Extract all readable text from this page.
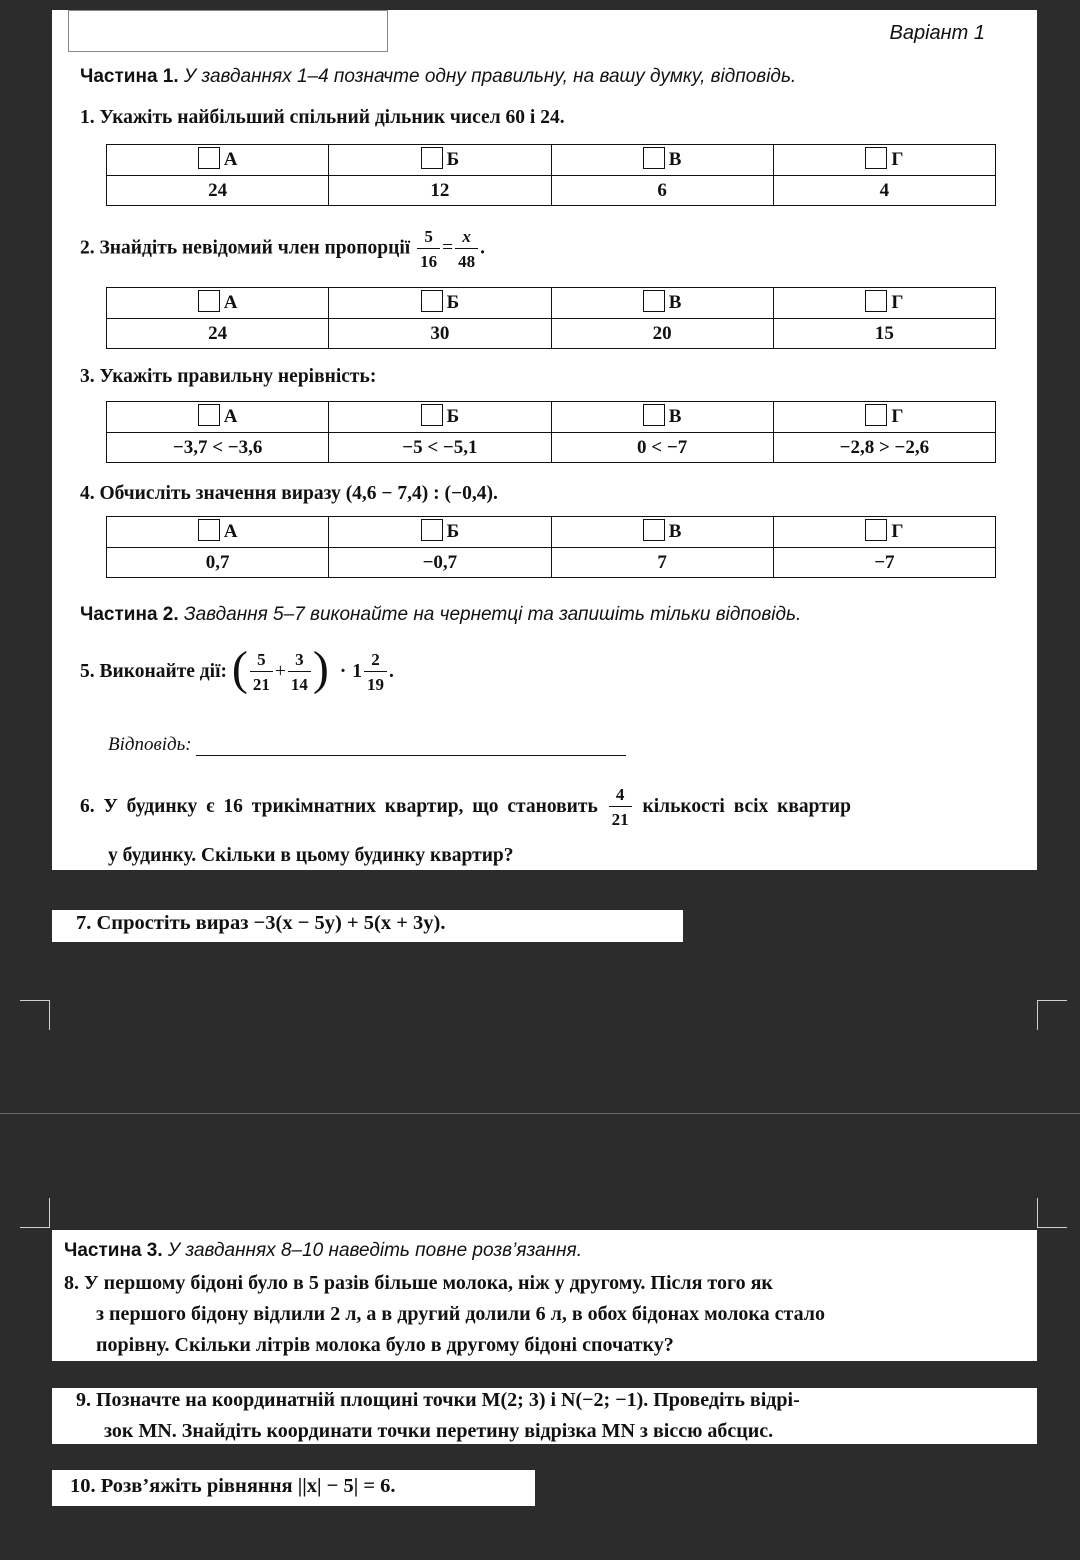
Варіант 1
Частина 1. У завданнях 1–4 позначте одну правильну, на вашу думку, відповідь.
1. Укажіть найбільший спільний дільник чисел 60 і 24.
А	Б	В	Г
24	12	6	4
2. Знайдіть невідомий член пропорції $\frac{5}{16} = \frac{x}{48}$ .
А	Б	В	Г
24	30	20	15
3. Укажіть правильну нерівність:
А	Б	В	Г
−3,7 < −3,6	−5 < −5,1	0 < −7	−2,8 > −2,6
4. Обчисліть значення виразу (4,6 − 7,4) : (−0,4).
А	Б	В	Г
0,7	−0,7	7	−7
Частина 2. Завдання 5–7 виконайте на чернетці та запишіть тільки відповідь.
5. Виконайте дії: ( $\frac{5}{21} + \frac{3}{14}$ ) · $1 \frac{2}{19}$ .
Відповідь:
6. У будинку є 16 трикімнатних квартир, що становить $\frac{4}{21}$ кількості всіх квартир
у будинку. Скільки в цьому будинку квартир?
7. Спростіть вираз −3(x − 5y) + 5(x + 3y).
Частина 3. У завданнях 8–10 наведіть повне розв’язання.
8. У першому бідоні було в 5 разів більше молока, ніж у другому. Після того як
з першого бідону відлили 2 л, а в другий долили 6 л, в обох бідонах молока стало
порівну. Скільки літрів молока було в другому бідоні спочатку?
9. Позначте на координатній площині точки M(2; 3) і N(−2; −1). Проведіть відрі-
зок MN. Знайдіть координати точки перетину відрізка MN з віссю абсцис.
10. Розв’яжіть рівняння ||x| − 5| = 6.
